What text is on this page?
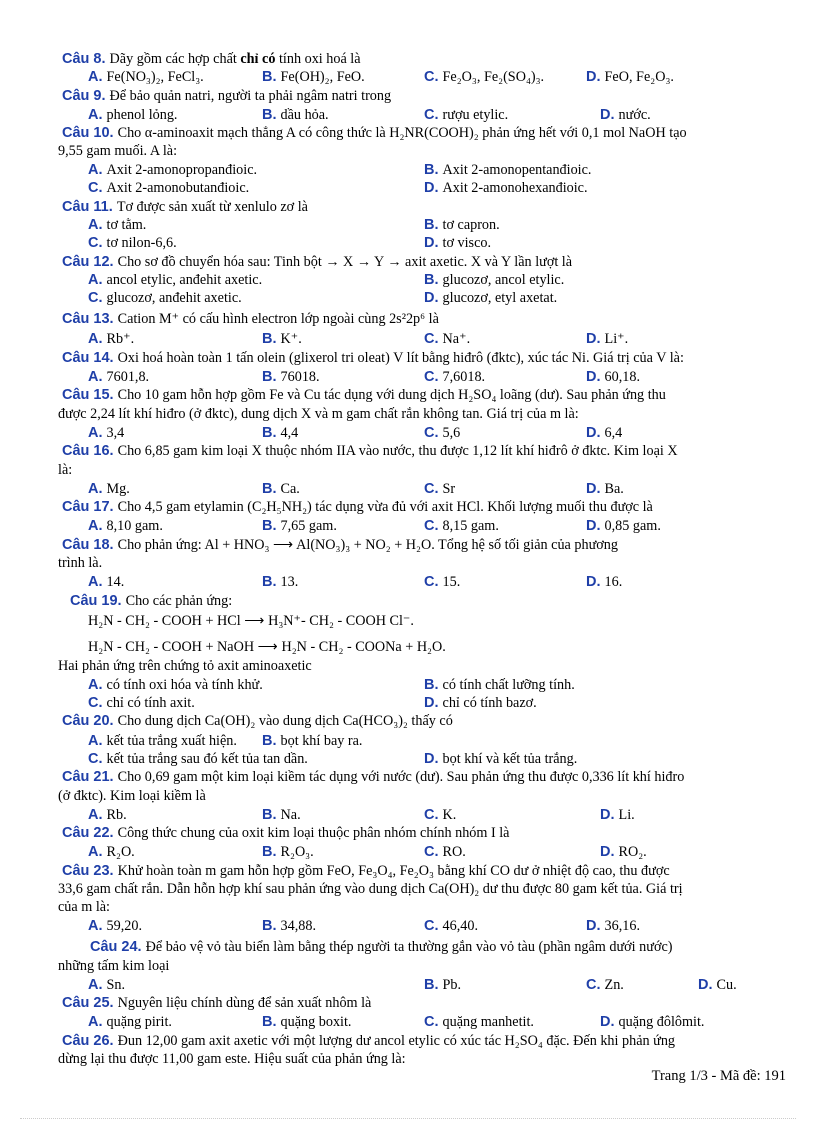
Câu 8. Dãy gồm các hợp chất chỉ có tính oxi hoá là
A. Fe(NO₃)₂, FeCl₃.	B. Fe(OH)₂, FeO.	C. Fe₂O₃, Fe₂(SO₄)₃.	D. FeO, Fe₂O₃.
Câu 9. Để bảo quản natri, người ta phải ngâm natri trong
A. phenol lỏng.	B. dầu hỏa.	C. rượu etylic.	D. nước.
Câu 10. Cho α-aminoaxit mạch thẳng A có công thức là H₂NR(COOH)₂ phản ứng hết với 0,1 mol NaOH tạo
9,55 gam muối. A là:
A. Axit 2-amonopropanđioic.	B. Axit 2-amonopentanđioic.
C. Axit 2-amonobutanđioic.	D. Axit 2-amonohexanđioic.
Câu 11. Tơ được sản xuất từ xenlulo zơ là
A. tơ tằm.	B. tơ capron.
C. tơ nilon-6,6.	D. tơ visco.
Câu 12. Cho sơ đồ chuyển hóa sau: Tinh bột → X → Y → axit axetic. X và Y lần lượt là
A. ancol etylic, anđehit axetic.	B. glucozơ, ancol etylic.
C. glucozơ, anđehit axetic.	D. glucozơ, etyl axetat.
Câu 13. Cation M⁺ có cấu hình electron lớp ngoài cùng 2s²2p⁶ là
A. Rb⁺.	B. K⁺.	C. Na⁺.	D. Li⁺.
Câu 14. Oxi hoá hoàn toàn 1 tấn olein (glixerol tri oleat) V lít bằng hiđrô (đktc), xúc tác Ni. Giá trị của V là:
A. 7601,8.	B. 76018.	C. 7,6018.	D. 60,18.
Câu 15. Cho 10 gam hỗn hợp gồm Fe và Cu tác dụng với dung dịch H₂SO₄ loãng (dư). Sau phản ứng thu
được 2,24 lít khí hiđro (ở đktc), dung dịch X và m gam chất rắn không tan. Giá trị của m là:
A. 3,4	B. 4,4	C. 5,6	D. 6,4
Câu 16. Cho 6,85 gam kim loại X thuộc nhóm IIA vào nước, thu được 1,12 lít khí hiđrô ở đktc. Kim loại X
là:
A. Mg.	B. Ca.	C. Sr	D. Ba.
Câu 17. Cho 4,5 gam etylamin (C₂H₅NH₂) tác dụng vừa đủ với axit HCl. Khối lượng muối thu được là
A. 8,10 gam.	B. 7,65 gam.	C. 8,15 gam.	D. 0,85 gam.
Câu 18. Cho phản ứng: Al + HNO₃ ⟶ Al(NO₃)₃ + NO₂ + H₂O. Tổng hệ số tối giản của phương
trình là.
A. 14.	B. 13.	C. 15.	D. 16.
Câu 19. Cho các phản ứng:
H₂N - CH₂ - COOH + HCl ⟶ H₃N⁺- CH₂ - COOH Cl⁻.
H₂N - CH₂ - COOH + NaOH ⟶ H₂N - CH₂ - COONa + H₂O.
Hai phản ứng trên chứng tỏ axit aminoaxetic
A. có tính oxi hóa và tính khử.	B. có tính chất lưỡng tính.
C. chỉ có tính axit.	D. chỉ có tính bazơ.
Câu 20. Cho dung dịch Ca(OH)₂ vào dung dịch Ca(HCO₃)₂ thấy có
A. kết tủa trắng xuất hiện. B. bọt khí bay ra.
C. kết tủa trắng sau đó kết tủa tan dần.	D. bọt khí và kết tủa trắng.
Câu 21. Cho 0,69 gam một kim loại kiềm tác dụng với nước (dư). Sau phản ứng thu được 0,336 lít khí hiđro
(ở đktc). Kim loại kiềm là
A. Rb.	B. Na.	C. K.	D. Li.
Câu 22. Công thức chung của oxit kim loại thuộc phân nhóm chính nhóm I là
A. R₂O.	B. R₂O₃.	C. RO.	D. RO₂.
Câu 23. Khử hoàn toàn m gam hỗn hợp gồm FeO, Fe₃O₄, Fe₂O₃ bằng khí CO dư ở nhiệt độ cao, thu được
33,6 gam chất rắn. Dẫn hỗn hợp khí sau phản ứng vào dung dịch Ca(OH)₂ dư thu được 80 gam kết tủa. Giá trị
của m là:
A. 59,20.	B. 34,88.	C. 46,40.	D. 36,16.
Câu 24. Để bảo vệ vỏ tàu biển làm bằng thép người ta thường gắn vào vỏ tàu (phần ngâm dưới nước)
những tấm kim loại
A. Sn.	B. Pb.	C. Zn.	D. Cu.
Câu 25. Nguyên liệu chính dùng để sản xuất nhôm là
A. quặng pirit.	B. quặng boxit.	C. quặng manhetit.	D. quặng đôlômit.
Câu 26. Đun 12,00 gam axit axetic với một lượng dư ancol etylic có xúc tác H₂SO₄ đặc. Đến khi phản ứng
dừng lại thu được 11,00 gam este. Hiệu suất của phản ứng là:
Trang 1/3 - Mã đề: 191
